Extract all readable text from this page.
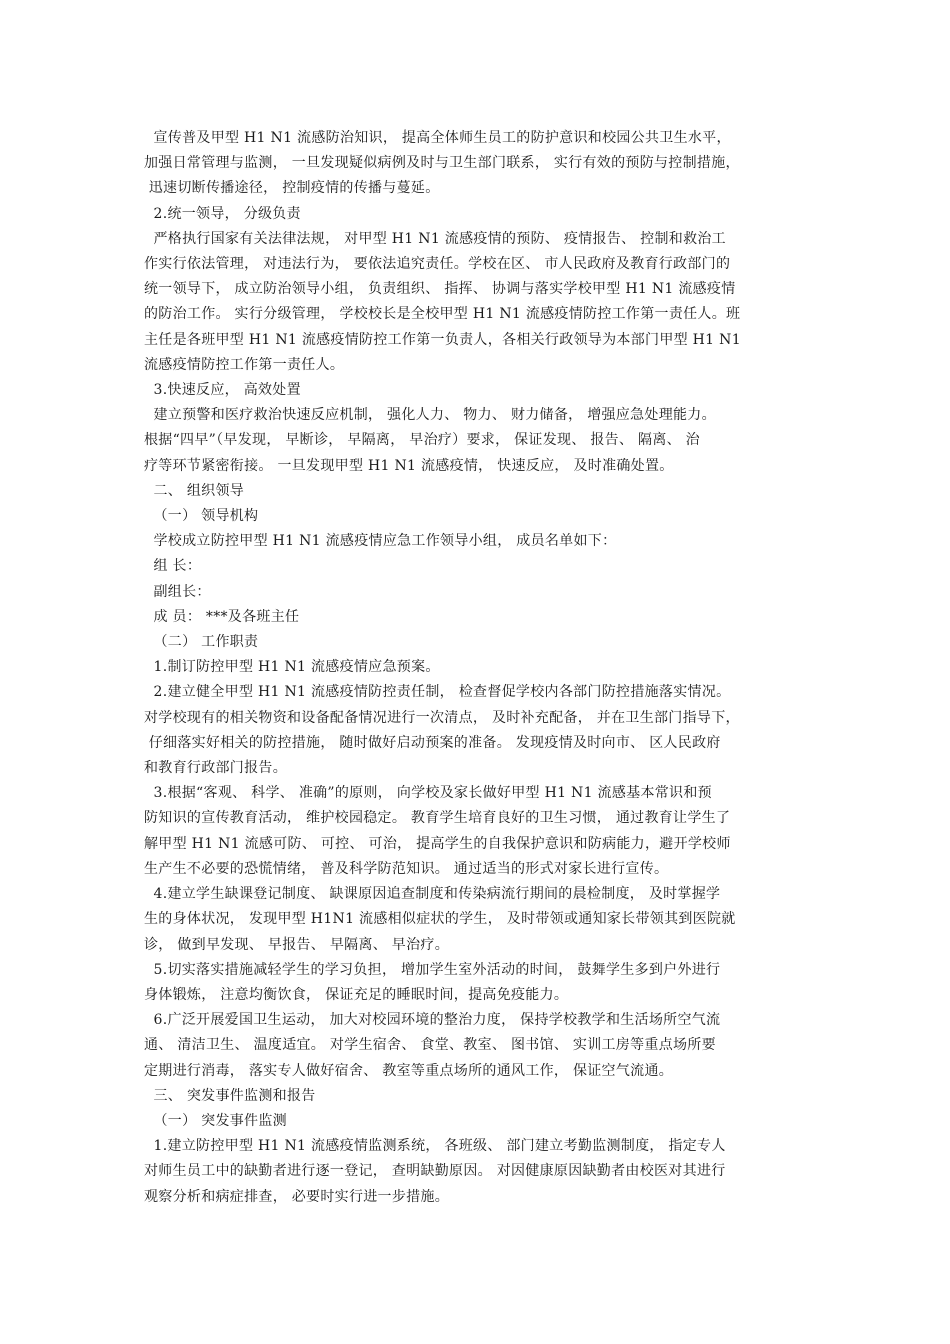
宣传普及甲型 H1 N1 流感防治知识， 提高全体师生员工的防护意识和校园公共卫生水平，

加强日常管理与监测， 一旦发现疑似病例及时与卫生部门联系， 实行有效的预防与控制措施，

迅速切断传播途径， 控制疫情的传播与蔓延。

2.统一领导， 分级负责

严格执行国家有关法律法规， 对甲型 H1 N1 流感疫情的预防、 疫情报告、 控制和救治工

作实行依法管理， 对违法行为， 要依法追究责任。学校在区、 市人民政府及教育行政部门的

统一领导下， 成立防治领导小组， 负责组织、 指挥、 协调与落实学校甲型 H1 N1 流感疫情

的防治工作。 实行分级管理， 学校校长是全校甲型 H1 N1 流感疫情防控工作第一责任人。班

主任是各班甲型 H1 N1 流感疫情防控工作第一负责人，各相关行政领导为本部门甲型 H1 N1

流感疫情防控工作第一责任人。

3.快速反应， 高效处置

建立预警和医疗救治快速反应机制， 强化人力、 物力、 财力储备， 增强应急处理能力。

根据“四早”（早发现， 早断诊， 早隔离， 早治疗）要求， 保证发现、 报告、 隔离、 治

疗等环节紧密衔接。 一旦发现甲型 H1 N1 流感疫情， 快速反应， 及时准确处置。

二、 组织领导

（一） 领导机构

学校成立防控甲型 H1 N1 流感疫情应急工作领导小组， 成员名单如下：

组 长：

副组长：

成 员： ***及各班主任

（二） 工作职责

1.制订防控甲型 H1 N1 流感疫情应急预案。

2.建立健全甲型 H1 N1 流感疫情防控责任制， 检查督促学校内各部门防控措施落实情况。

对学校现有的相关物资和设备配备情况进行一次清点， 及时补充配备， 并在卫生部门指导下，

仔细落实好相关的防控措施， 随时做好启动预案的准备。 发现疫情及时向市、 区人民政府

和教育行政部门报告。

3.根据“客观、 科学、 准确”的原则， 向学校及家长做好甲型 H1 N1 流感基本常识和预

防知识的宣传教育活动， 维护校园稳定。 教育学生培育良好的卫生习惯， 通过教育让学生了

解甲型 H1 N1 流感可防、 可控、 可治， 提高学生的自我保护意识和防病能力，避开学校师

生产生不必要的恐慌情绪， 普及科学防范知识。 通过适当的形式对家长进行宣传。

4.建立学生缺课登记制度、 缺课原因追查制度和传染病流行期间的晨检制度， 及时掌握学

生的身体状况， 发现甲型 H1N1 流感相似症状的学生， 及时带领或通知家长带领其到医院就

诊， 做到早发现、 早报告、 早隔离、 早治疗。

5.切实落实措施减轻学生的学习负担， 增加学生室外活动的时间， 鼓舞学生多到户外进行

身体锻炼， 注意均衡饮食， 保证充足的睡眠时间，提高免疫能力。

6.广泛开展爱国卫生运动， 加大对校园环境的整治力度， 保持学校教学和生活场所空气流

通、 清洁卫生、 温度适宜。 对学生宿舍、 食堂、教室、 图书馆、 实训工房等重点场所要

定期进行消毒， 落实专人做好宿舍、 教室等重点场所的通风工作， 保证空气流通。

三、 突发事件监测和报告

（一） 突发事件监测

1.建立防控甲型 H1 N1 流感疫情监测系统， 各班级、 部门建立考勤监测制度， 指定专人

对师生员工中的缺勤者进行逐一登记， 查明缺勤原因。 对因健康原因缺勤者由校医对其进行

观察分析和病症排查， 必要时实行进一步措施。
